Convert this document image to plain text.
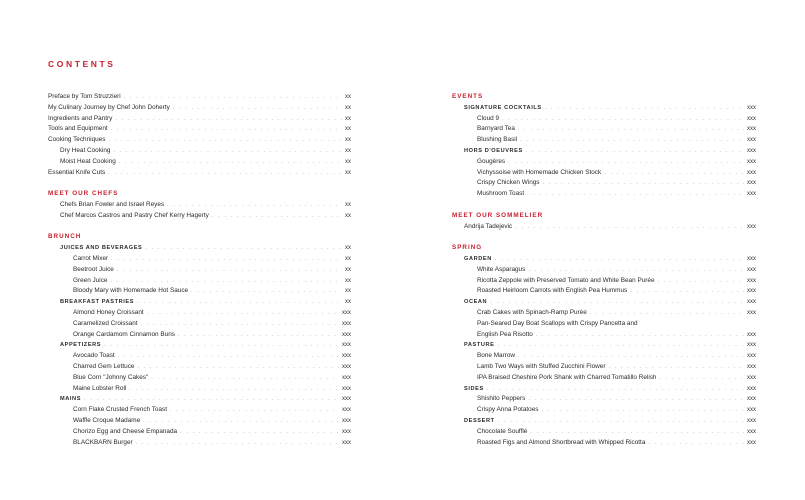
CONTENTS
Preface by Tom Struzzieri . . .	xx
My Culinary Journey by Chef John Doherty . . .	xx
Ingredients and Pantry . . .	xx
Tools and Equipment . . .	xx
Cooking Techniques . . .	xx
Dry Heat Cooking . . .	xx
Moist Heat Cooking . . .	xx
Essential Knife Cuts . . .	xx
MEET OUR CHEFS
Chefs Brian Fowler and Israel Reyes . . .	xx
Chef Marcos Castros and Pastry Chef Kerry Hagerty . . .	xx
BRUNCH
JUICES AND BEVERAGES . . .	xx
Carrot Mixer . . .	xx
Beetroot Juice . . .	xx
Green Juice . . .	xx
Bloody Mary with Homemade Hot Sauce . . .	xx
BREAKFAST PASTRIES . . .	xx
Almond Honey Croissant . . .	xxx
Caramelized Croissant . . .	xxx
Orange Cardamom Cinnamon Buns . . .	xxx
APPETIZERS . . .	xxx
Avocado Toast . . .	xxx
Charred Gem Lettuce . . .	xxx
Blue Corn "Johnny Cakes" . . .	xxx
Maine Lobster Roll . . .	xxx
MAINS . . .	xxx
Corn Flake Crusted French Toast . . .	xxx
Waffle Croque Madame . . .	xxx
Chorizo Egg and Cheese Empanada . . .	xxx
BLACKBARN Burger . . .	xxx
EVENTS
SIGNATURE COCKTAILS . . .	xxx
Cloud 9 . . .	xxx
Barnyard Tea . . .	xxx
Blushing Basil . . .	xxx
HORS D'OEUVRES . . .	xxx
Gougères . . .	xxx
Vichyssoise with Homemade Chicken Stock . . .	xxx
Crispy Chicken Wings . . .	xxx
Mushroom Toast . . .	xxx
MEET OUR SOMMELIER
Andrija Tadejevic . . .	xxx
SPRING
GARDEN . . .	xxx
White Asparagus . . .	xxx
Ricotta Zeppole with Preserved Tomato and White Bean Purée . . .	xxx
Roasted Heirloom Carrots with English Pea Hummus . . .	xxx
OCEAN . . .	xxx
Crab Cakes with Spinach-Ramp Purée . . .	xxx
Pan-Seared Day Boat Scallops with Crispy Pancetta and
English Pea Risotto . . .	xxx
PASTURE . . .	xxx
Bone Marrow . . .	xxx
Lamb Two Ways with Stuffed Zucchini Flower . . .	xxx
IPA Braised Cheshire Pork Shank with Charred Tomatillo Relish . . .	xxx
SIDES . . .	xxx
Shishito Peppers . . .	xxx
Crispy Anna Potatoes . . .	xxx
DESSERT . . .	xxx
Chocolate Soufflé . . .	xxx
Roasted Figs and Almond Shortbread with Whipped Ricotta . . .	xxx
